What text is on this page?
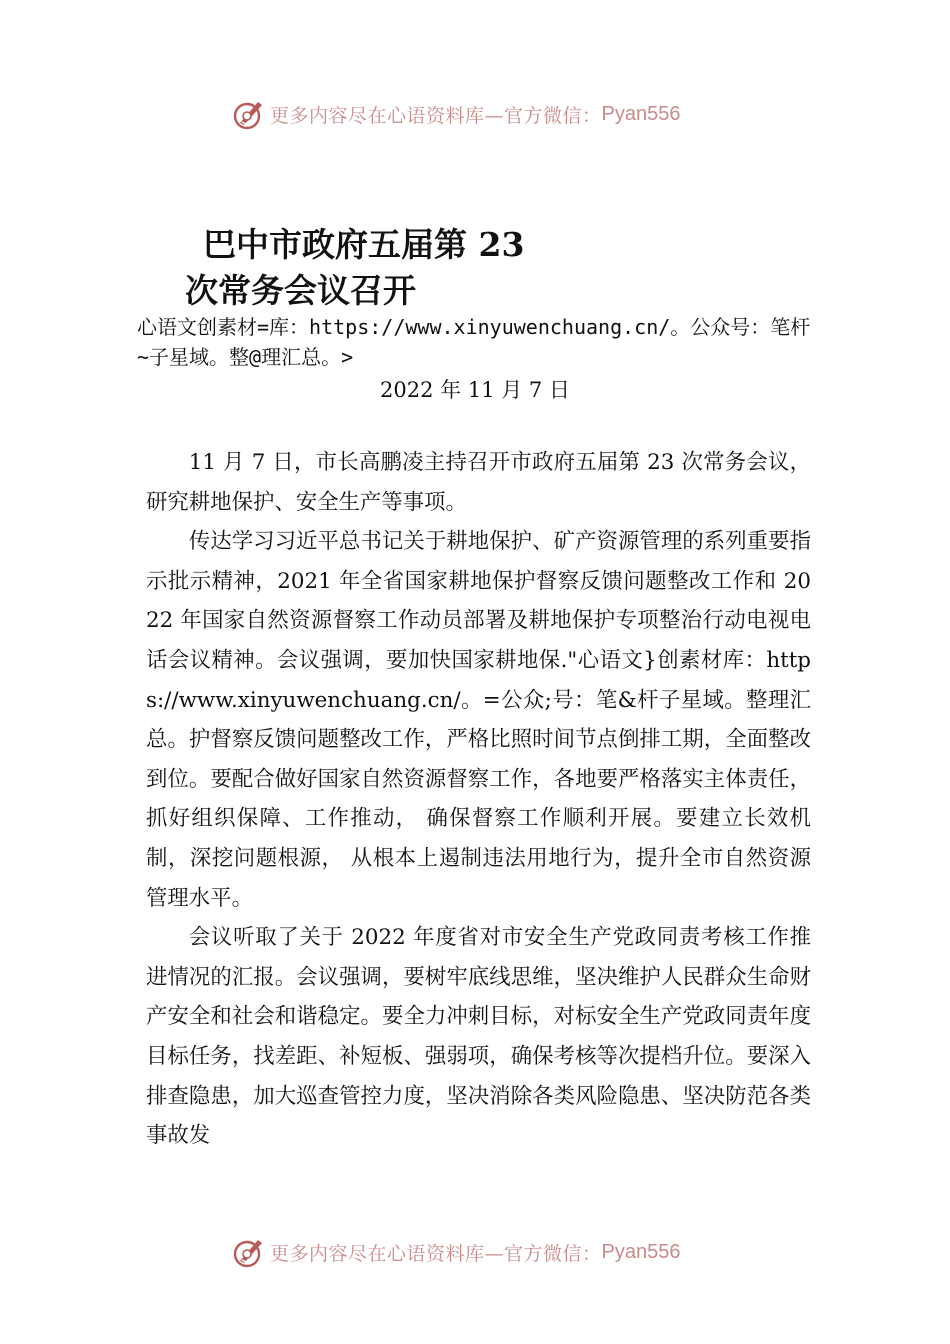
更多内容尽在心语资料库—官方微信： Pyan556
巴中市政府五届第 23
次常务会议召开
心语文创素材=库：https://www.xinyuwenchuang.cn/。公众号：笔杆~子星域。整@理汇总。>
2022 年 11 月 7 日

11 月 7 日，市长高鹏凌主持召开市政府五届第 23 次常务会议，研究耕地保护、安全生产等事项。

传达学习习近平总书记关于耕地保护、矿产资源管理的系列重要指示批示精神，2021 年全省国家耕地保护督察反馈问题整改工作和 2022 年国家自然资源督察工作动员部署及耕地保护专项整治行动电视电话会议精神。会议强调，要加快国家耕地保."心语文}创素材库：https://www.xinyuwenchuang.cn/。=公众;号：笔&杆子星域。整理汇总。护督察反馈问题整改工作，严格比照时间节点倒排工期，全面整改到位。要配合做好国家自然资源督察工作，各地要严格落实主体责任，抓好组织保障、工作推动， 确保督察工作顺利开展。要建立长效机制，深挖问题根源， 从根本上遏制违法用地行为，提升全市自然资源管理水平。

会议听取了关于 2022 年度省对市安全生产党政同责考核工作推进情况的汇报。会议强调，要树牢底线思维，坚决维护人民群众生命财产安全和社会和谐稳定。要全力冲刺目标，对标安全生产党政同责年度目标任务，找差距、补短板、强弱项，确保考核等次提档升位。要深入排查隐患，加大巡查管控力度，坚决消除各类风险隐患、坚决防范各类事故发

更多内容尽在心语资料库—官方微信： Pyan556
